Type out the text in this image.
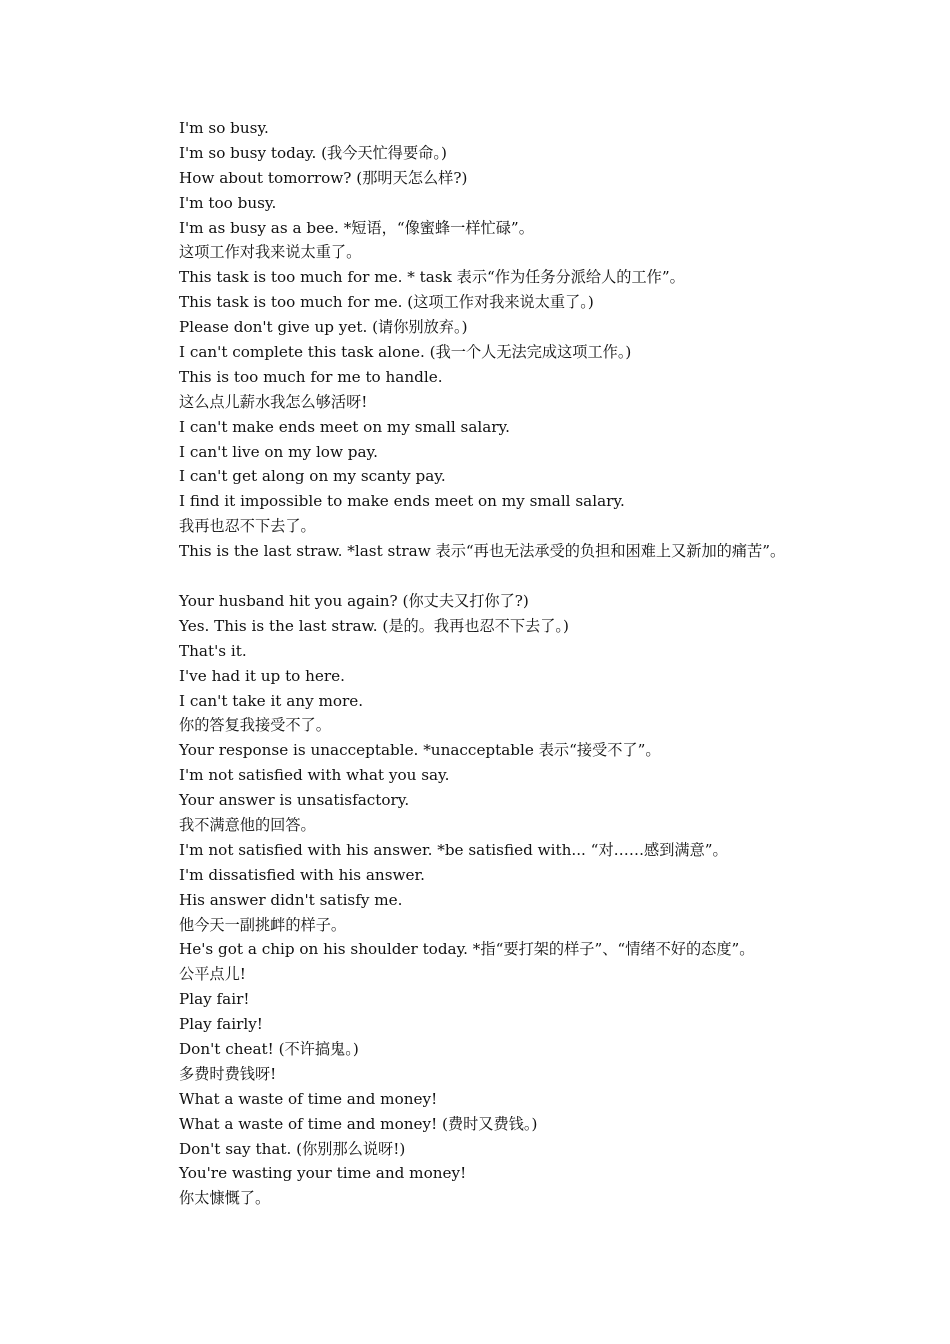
I'm so busy.
I'm so busy today. (我今天忙得要命。)
How about tomorrow? (那明天怎么样?)
I'm too busy.
I'm as busy as a bee. *短语，“像蜜蜂一样忙碌”。
这项工作对我来说太重了。
This task is too much for me. * task 表示“作为任务分派给人的工作”。
This task is too much for me. (这项工作对我来说太重了。)
Please don't give up yet. (请你别放弃。)
I can't complete this task alone. (我一个人无法完成这项工作。)
This is too much for me to handle.
这么点儿薪水我怎么够活呀!
I can't make ends meet on my small salary.
I can't live on my low pay.
I can't get along on my scanty pay.
I find it impossible to make ends meet on my small salary.
我再也忍不下去了。
This is the last straw. *last straw 表示“再也无法承受的负担和困难上又新加的痛苦”。
Your husband hit you again? (你丈夫又打你了?)
Yes. This is the last straw. (是的。我再也忍不下去了。)
That's it.
I've had it up to here.
I can't take it any more.
你的答复我接受不了。
Your response is unacceptable. *unacceptable 表示“接受不了”。
I'm not satisfied with what you say.
Your answer is unsatisfactory.
我不满意他的回答。
I'm not satisfied with his answer. *be satisfied with... “对……感到满意”。
I'm dissatisfied with his answer.
His answer didn't satisfy me.
他今天一副挑衅的样子。
He's got a chip on his shoulder today. *指“要打架的样子”、“情绪不好的态度”。
公平点儿!
Play fair!
Play fairly!
Don't cheat! (不许搞鬼。)
多费时费钱呀!
What a waste of time and money!
What a waste of time and money! (费时又费钱。)
Don't say that. (你别那么说呀!)
You're wasting your time and money!
你太慷慨了。
